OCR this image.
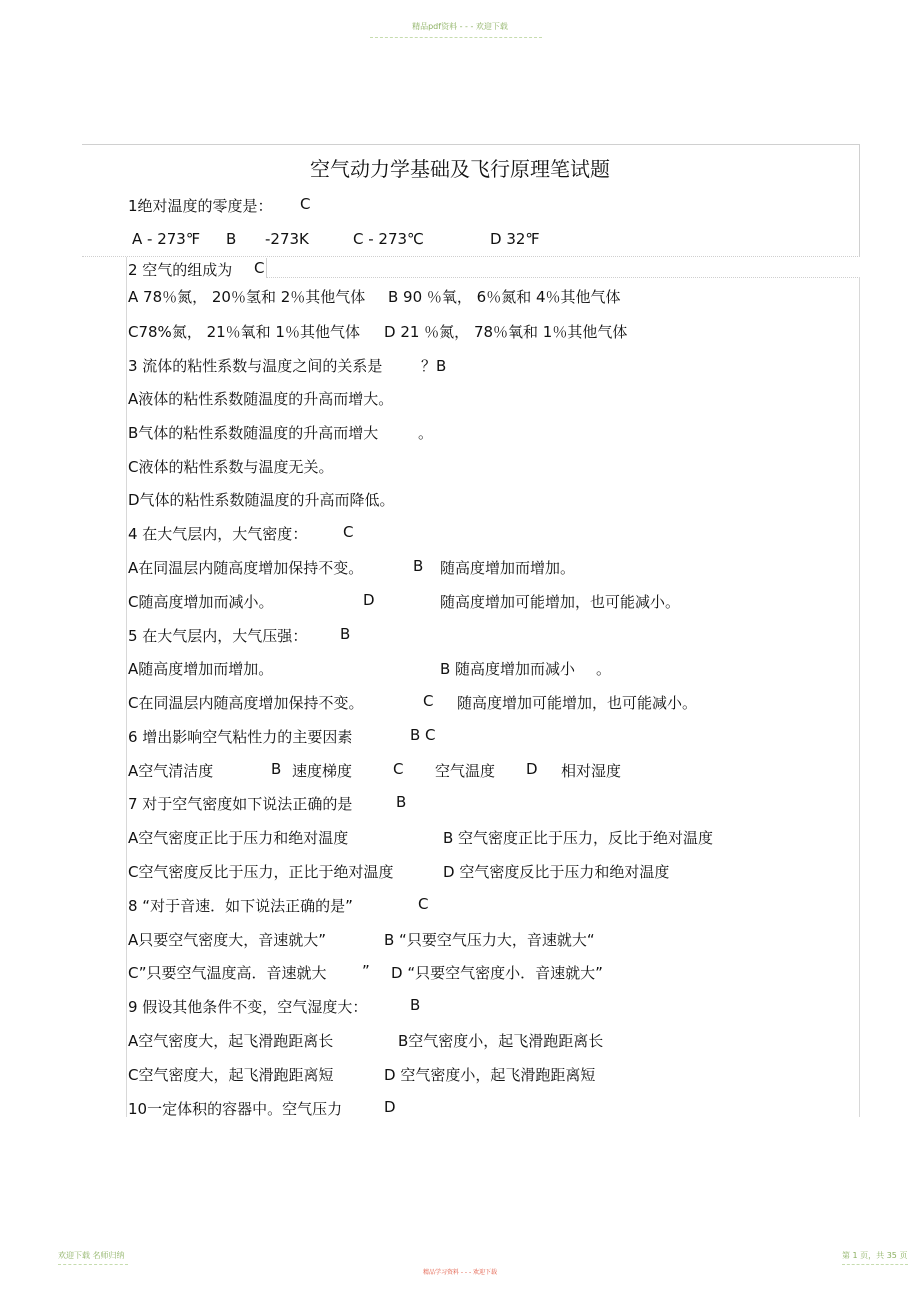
精品pdf资料 - - - 欢迎下载
空气动力学基础及飞行原理笔试题
1绝对温度的零度是： C
A - 273℉ B -273K	C - 273℃	D 32℉
2 空气的组成为 C
A 78％氮， 20％氢和 2％其他气体 B 90 ％氧， 6％氮和 4％其他气体
C78%氮， 21％氧和 1％其他气体 D 21 ％氮， 78％氧和 1％其他气体
3 流体的粘性系数与温度之间的关系是	？B
A液体的粘性系数随温度的升高而增大。
B气体的粘性系数随温度的升高而增大	。
C液体的粘性系数与温度无关。
D气体的粘性系数随温度的升高而降低。
4 在大气层内，大气密度： C
A在同温层内随高度增加保持不变。	B 随高度增加而增加。
C随高度增加而减小。	D	随高度增加可能增加，也可能减小。
5 在大气层内，大气压强： B
A随高度增加而增加。	B 随高度增加而减小 。
C在同温层内随高度增加保持不变。	C 随高度增加可能增加，也可能减小。
6 增出影响空气粘性力的主要因素	B C
A空气清洁度	B 速度梯度	C 空气温度 D 相对湿度
7 对于空气密度如下说法正确的是	B
A空气密度正比于压力和绝对温度	B 空气密度正比于压力，反比于绝对温度
C空气密度反比于压力，正比于绝对温度	D 空气密度反比于压力和绝对温度
8 “对于音速．如下说法正确的是”	C
A只要空气密度大，音速就大”	B “只要空气压力大，音速就大“
C”只要空气温度高．音速就大 ” D “只要空气密度小．音速就大”
9 假设其他条件不变，空气湿度大：	B
A空气密度大，起飞滑跑距离长	B空气密度小，起飞滑跑距离长
C空气密度大，起飞滑跑距离短	D 空气密度小，起飞滑跑距离短
10一定体积的容器中。空气压力	D
欢迎下载 名师归纳
精品学习资料 - - - 欢迎下载
第 1 页，共 35 页
